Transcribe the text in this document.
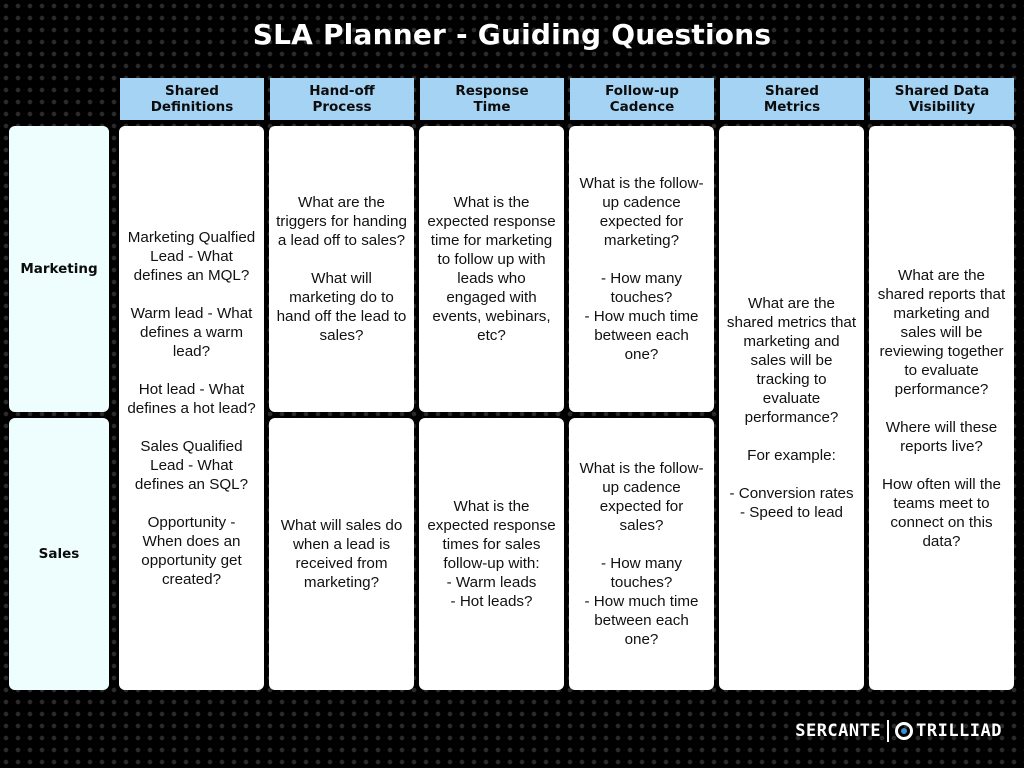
SLA Planner - Guiding Questions
Shared
Definitions
Hand-off
Process
Response
Time
Follow-up
Cadence
Shared
Metrics
Shared Data
Visibility
Marketing
Sales
Marketing Qualfied Lead - What defines an MQL?

Warm lead - What defines a warm lead?

Hot lead - What defines a hot lead?

Sales Qualified Lead - What defines an SQL?

Opportunity - When does an opportunity get created?
What are the triggers for handing a lead off to sales?

What will marketing do to hand off the lead to sales?
What will sales do when a lead is received from marketing?
What is the expected response time for marketing to follow up with leads who engaged with events, webinars, etc?
What is the expected response times for sales follow-up with:
- Warm leads
- Hot leads?
What is the follow-up cadence expected for marketing?

- How many touches?
- How much time between each one?
What is the follow-up cadence expected for sales?

- How many touches?
- How much time between each one?
What are the shared metrics that marketing and sales will be tracking to evaluate performance?

For example:

- Conversion rates
- Speed to lead
What are the shared reports that marketing and sales will be reviewing together to evaluate performance?

Where will these reports live?

How often will the teams meet to connect on this data?
SERCANTE TRILLIAD
